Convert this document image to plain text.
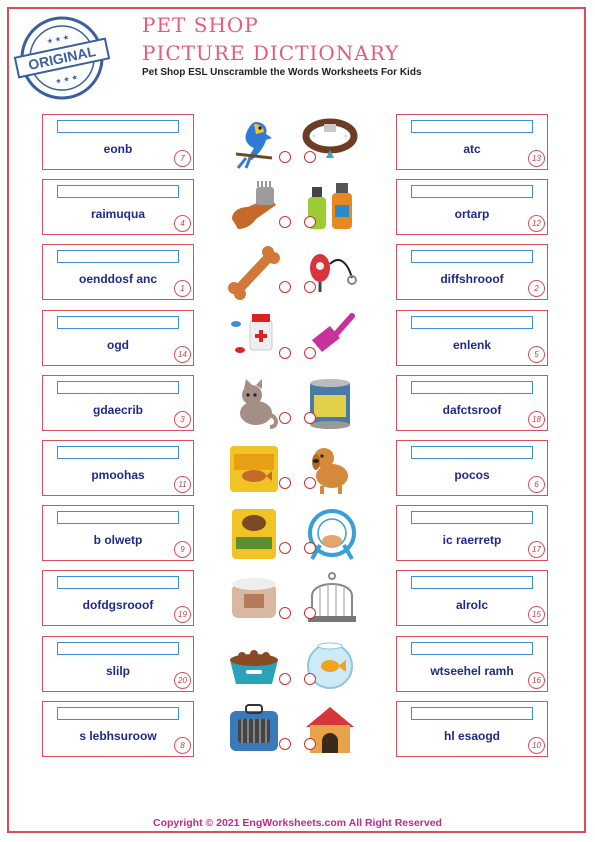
ORIGINAL
★ ★ ★
★ ★ ★
PET SHOP
PICTURE DICTIONARY
Pet Shop ESL Unscramble the Words Worksheets For Kids
eonb
7
atc
13
raimuqua
4
ortarp
12
oenddosf anc
1
diffshrooof
2
ogd
14
enlenk
5
gdaecrib
3
dafctsroof
18
pmoohas
11
pocos
6
b olwetp
9
ic raerretp
17
dofdgsrooof
19
alrolc
15
slilp
20
wtseehel ramh
16
s lebhsuroow
8
hl esaogd
10
Copyright © 2021 EngWorksheets.com All Right Reserved
